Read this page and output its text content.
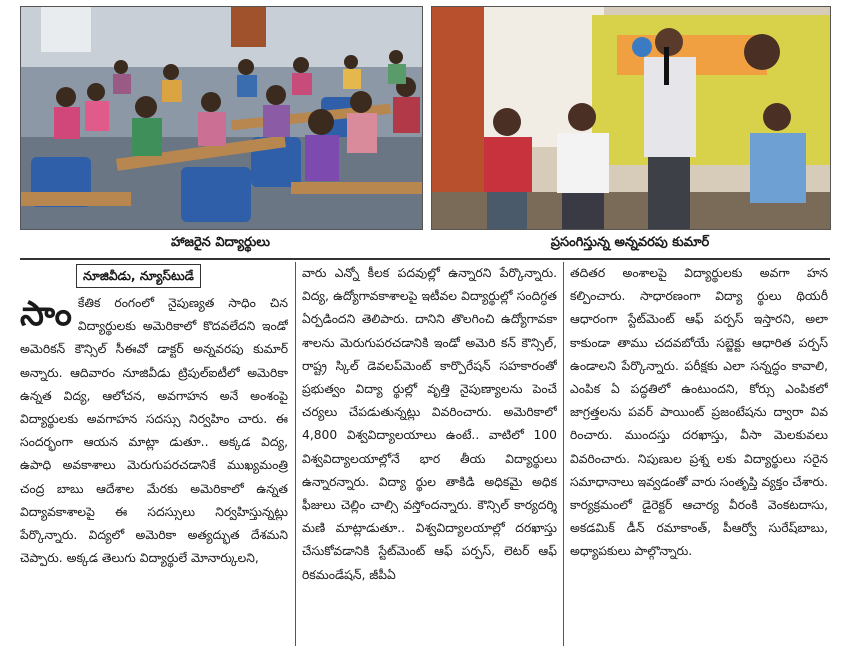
హాజరైన విద్యార్థులు	ప్రసంగిస్తున్న అన్నవరపు కుమార్
నూజివీడు, న్యూస్‌టుడే

సాంకేతిక రంగంలో నైపుణ్యత సాధిం చిన విద్యార్థులకు అమెరికాలో కొదవలేదని ఇండో అమెరికన్ కౌన్సిల్ సీఈవో డాక్టర్ అన్నవరపు కుమార్ అన్నారు. ఆదివారం నూజివీడు ట్రిపుల్‌ఐటీలో అమెరికా ఉన్నత విద్య, ఆలోచన, అవగాహన అనే అంశంపై విద్యార్థులకు అవగాహన సదస్సు నిర్వహిం చారు. ఈ సందర్భంగా ఆయన మాట్లా డుతూ.. అక్కడ విద్య, ఉపాధి అవకాశాలు మెరుగుపరచడానికే ముఖ్యమంత్రి చంద్ర బాబు ఆదేశాల మేరకు అమెరికాలో ఉన్నత విద్యావకాశాలపై ఈ సదస్సులు నిర్వహిస్తున్నట్లు పేర్కొన్నారు. విద్యలో అమెరికా అత్యద్భుత దేశమని చెప్పారు. అక్కడ తెలుగు విద్యార్థులే మోనార్కులని,

వారు ఎన్నో కీలక పదవుల్లో ఉన్నారని పేర్కొన్నారు. విద్య, ఉద్యోగావకాశాలపై ఇటీవల విద్యార్థుల్లో సందిగ్ధత ఏర్పడిందని తెలిపారు. దానిని తొలగించి ఉద్యోగావకా శాలను మెరుగుపరచడానికి ఇండో అమెరి కన్ కౌన్సిల్, రాష్ట్ర స్కిల్ డెవలప్‌మెంట్ కార్పొరేషన్ సహకారంతో ప్రభుత్వం విద్యా ర్థుల్లో వృత్తి నైపుణ్యాలను పెంచే చర్యలు చేపడుతున్నట్లు వివరించారు. అమెరికాలో 4,800 విశ్వవిద్యాలయాలు ఉంటే.. వాటిలో 100 విశ్వవిద్యాలయాల్లోనే భార తీయ విద్యార్థులు ఉన్నారన్నారు. విద్యా ర్థుల తాకిడి అధికమై అధిక ఫీజులు చెల్లిం చాల్సి వస్తోందన్నారు. కౌన్సిల్ కార్యదర్శి మణి మాట్లాడుతూ.. విశ్వవిద్యాలయాల్లో దరఖాస్తు చేసుకోవడానికి స్టేట్‌మెంట్ ఆఫ్ పర్పస్, లెటర్ ఆఫ్ రికమండేషన్, జీపీఏ

తదితర అంశాలపై విద్యార్థులకు అవగా హన కల్పించారు. సాధారణంగా విద్యా ర్థులు థియరీ ఆధారంగా స్టేట్‌మెంట్ ఆఫ్ పర్పస్ ఇస్తారని, అలా కాకుండా తాము చదవబోయే సబ్జెక్టు ఆధారిత పర్పస్ ఉండాలని పేర్కొన్నారు. పరీక్షకు ఎలా సన్నద్ధం కావాలి, ఎంపిక ఏ పద్ధతిలో ఉంటుందని, కోర్సు ఎంపికలో జాగ్రత్తలను పవర్ పాయింట్ ప్రజంటేషను ద్వారా వివ రించారు. ముందస్తు దరఖాస్తు, వీసా మెలకువలు వివరించారు. నిపుణుల ప్రశ్న లకు విద్యార్థులు సరైన సమాధానాలు ఇవ్వడంతో వారు సంతృప్తి వ్యక్తం చేశారు. కార్యక్రమంలో డైరెక్టర్ ఆచార్య వీరంకి వెంకటదాసు, అకడమిక్ డీన్ రమాకాంత్, పీఆర్వో సురేష్‌బాబు, అధ్యాపకులు పాల్గొన్నారు.
